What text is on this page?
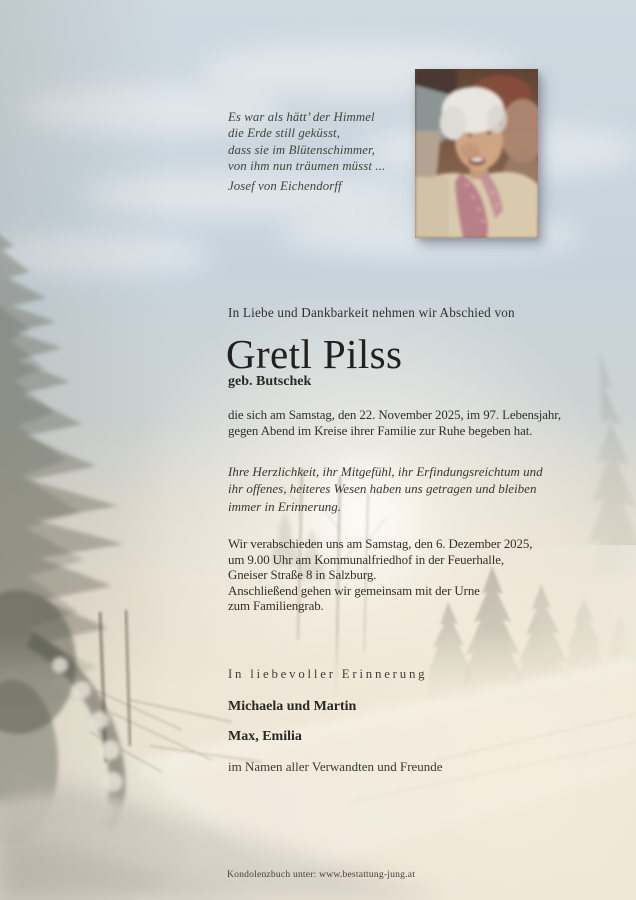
Es war als hätt’ der Himmel
die Erde still geküsst,
dass sie im Blütenschimmer,
von ihm nun träumen müsst ...
Josef von Eichendorff
In Liebe und Dankbarkeit nehmen wir Abschied von
Gretl Pilss
geb. Butschek
die sich am Samstag, den 22. November 2025, im 97. Lebensjahr,
gegen Abend im Kreise ihrer Familie zur Ruhe begeben hat.
Ihre Herzlichkeit, ihr Mitgefühl, ihr Erfindungsreichtum und
ihr offenes, heiteres Wesen haben uns getragen und bleiben
immer in Erinnerung.
Wir verabschieden uns am Samstag, den 6. Dezember 2025,
um 9.00 Uhr am Kommunalfriedhof in der Feuerhalle,
Gneiser Straße 8 in Salzburg.
Anschließend gehen wir gemeinsam mit der Urne
zum Familiengrab.
In liebevoller Erinnerung
Michaela und Martin
Max, Emilia
im Namen aller Verwandten und Freunde
Kondolenzbuch unter: www.bestattung-jung.at
